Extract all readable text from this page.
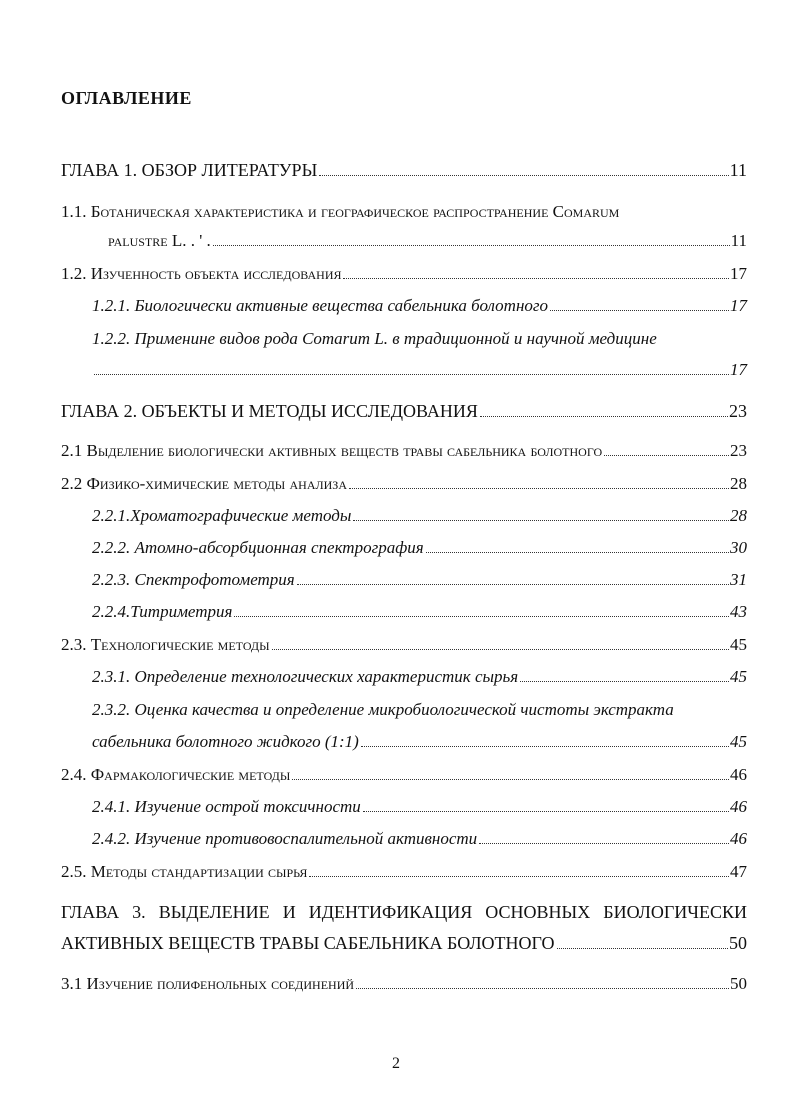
ОГЛАВЛЕНИЕ
ГЛАВА 1. ОБЗОР ЛИТЕРАТУРЫ	11
1.1. Ботаническая характеристика и географическое распространение Comarum
palustre L. . ' .	11
1.2. Изученность объекта исследования	17
1.2.1. Биологически активные вещества сабельника болотного	17
1.2.2. Применине видов рода Comarum L. в традиционной и научной медицине
17
ГЛАВА 2. ОБЪЕКТЫ И МЕТОДЫ ИССЛЕДОВАНИЯ	23
2.1 Выделение биологически активных веществ травы сабельника болотного	23
2.2 Физико-химические методы анализа	28
2.2.1.Хроматографические методы	28
2.2.2. Атомно-абсорбционная спектрография	30
2.2.3. Спектрофотометрия	31
2.2.4.Титриметрия	43
2.3. Технологические методы	45
2.3.1. Определение технологических характеристик сырья	45
2.3.2. Оценка качества и определение микробиологической чистоты экстракта
сабельника болотного жидкого (1:1)	45
2.4. Фармакологические методы	46
2.4.1. Изучение острой токсичности	46
2.4.2. Изучение противовоспалительной активности	46
2.5. Методы стандартизации сырья	47
ГЛАВА 3. ВЫДЕЛЕНИЕ И ИДЕНТИФИКАЦИЯ ОСНОВНЫХ БИОЛОГИЧЕСКИ
АКТИВНЫХ ВЕЩЕСТВ ТРАВЫ САБЕЛЬНИКА БОЛОТНОГО	50
3.1 Изучение полифенольных соединений	50
2
